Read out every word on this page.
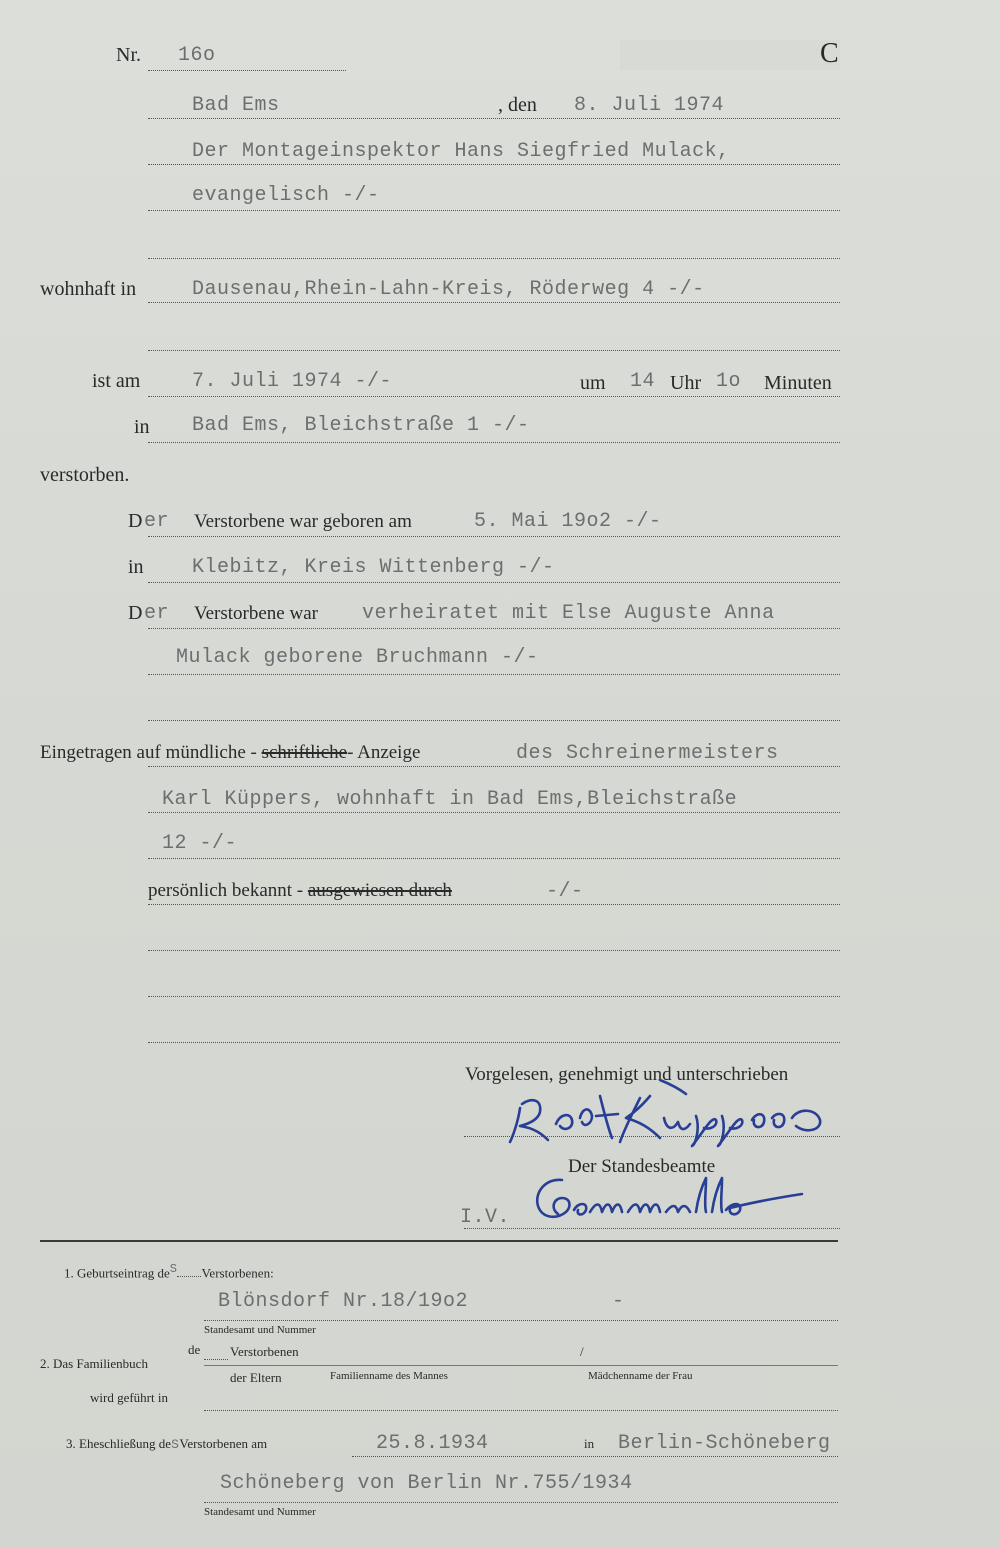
Nr. 16o	C
Bad Ems	, den 8. Juli 1974
Der Montageinspektor Hans Siegfried Mulack,
evangelisch -/-
wohnhaft in	Dausenau,Rhein-Lahn-Kreis, Röderweg 4 -/-
ist am	7. Juli 1974 -/-	um 14 Uhr 1o Minuten
in Bad Ems, Bleichstraße 1 -/-
verstorben.
D er Verstorbene war geboren am	5. Mai 19o2 -/-
in Klebitz, Kreis Wittenberg -/-
D er Verstorbene war verheiratet mit Else Auguste Anna
Mulack geborene Bruchmann -/-
Eingetragen auf mündliche - schriftliche- Anzeige	des Schreinermeisters
Karl Küppers, wohnhaft in Bad Ems,Bleichstraße
12 -/-
persönlich bekannt - ausgewiesen durch	-/-
Vorgelesen, genehmigt und unterschrieben
Der Standesbeamte
I.V.
1. Geburtseintrag $de^S$ Verstorbenen:
Blönsdorf Nr.18/19o2	-
Standesamt und Nummer
2. Das Familienbuch
de Verstorbenen
der Eltern	Familienname des Mannes
/
Mädchenname der Frau
wird geführt in
3. Eheschließung deSVerstorbenen am	25.8.1934	in Berlin-Schöneberg
Schöneberg von Berlin Nr.755/1934
Standesamt und Nummer
